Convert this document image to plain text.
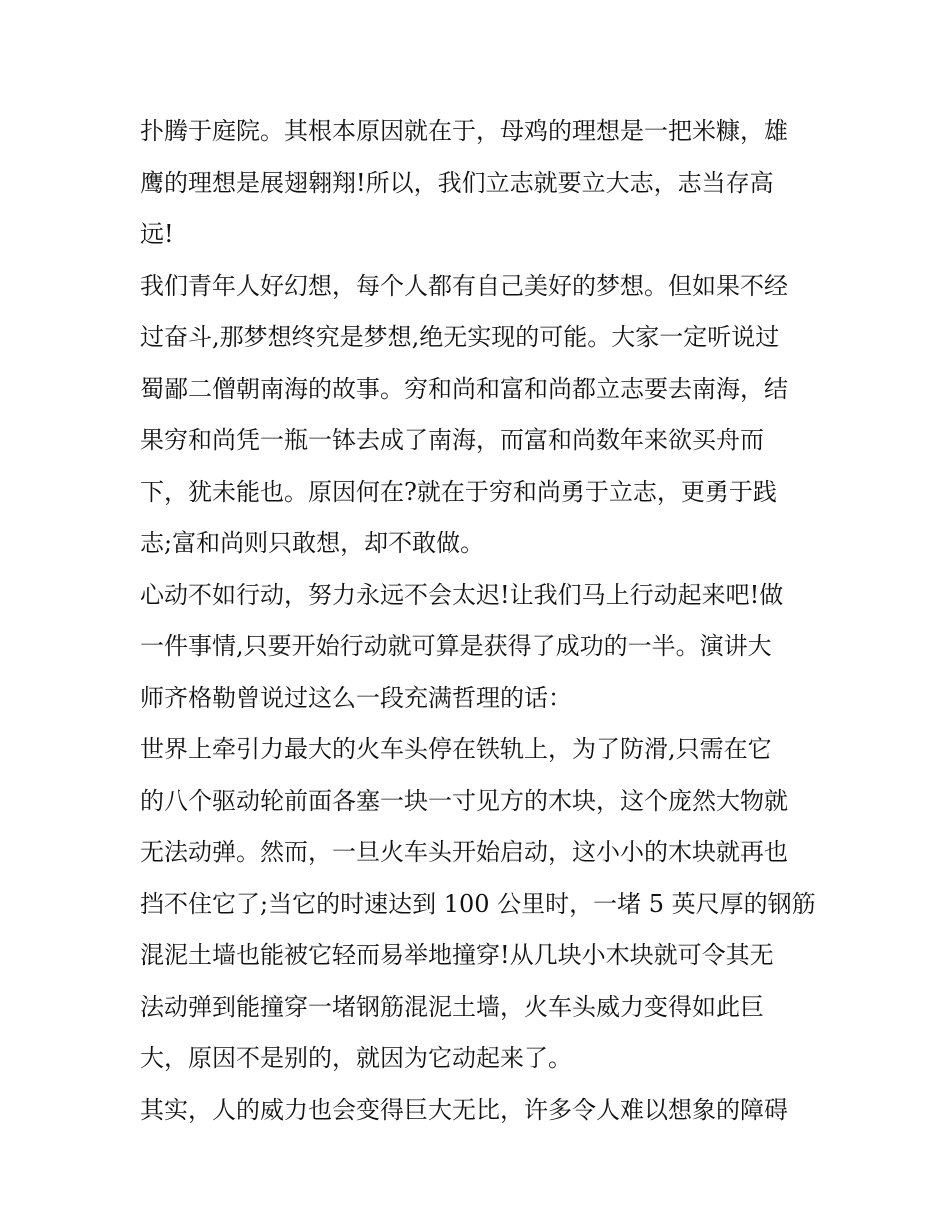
扑腾于庭院。其根本原因就在于，母鸡的理想是一把米糠，雄
鹰的理想是展翅翱翔!所以，我们立志就要立大志，志当存高
远!
我们青年人好幻想，每个人都有自己美好的梦想。但如果不经
过奋斗,那梦想终究是梦想,绝无实现的可能。大家一定听说过
蜀鄙二僧朝南海的故事。穷和尚和富和尚都立志要去南海，结
果穷和尚凭一瓶一钵去成了南海，而富和尚数年来欲买舟而
下，犹未能也。原因何在?就在于穷和尚勇于立志，更勇于践
志;富和尚则只敢想，却不敢做。
心动不如行动，努力永远不会太迟!让我们马上行动起来吧!做
一件事情,只要开始行动就可算是获得了成功的一半。演讲大
师齐格勒曾说过这么一段充满哲理的话：
世界上牵引力最大的火车头停在铁轨上，为了防滑,只需在它
的八个驱动轮前面各塞一块一寸见方的木块，这个庞然大物就
无法动弹。然而，一旦火车头开始启动，这小小的木块就再也
挡不住它了;当它的时速达到 100 公里时，一堵 5 英尺厚的钢筋
混泥土墙也能被它轻而易举地撞穿!从几块小木块就可令其无
法动弹到能撞穿一堵钢筋混泥土墙，火车头威力变得如此巨
大，原因不是别的，就因为它动起来了。
其实，人的威力也会变得巨大无比，许多令人难以想象的障碍
